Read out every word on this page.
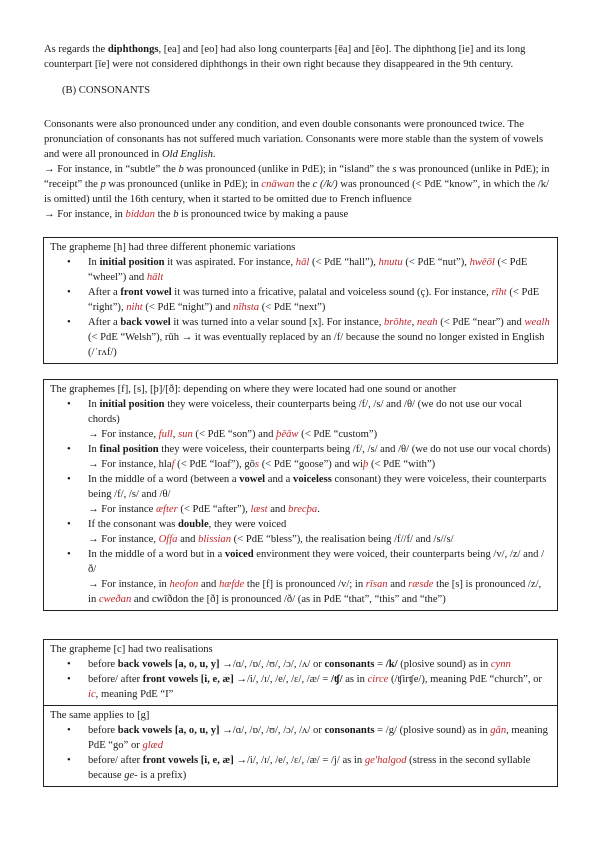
As regards the diphthongs, [ea] and [eo] had also long counterparts [ēa] and [ēo]. The diphthong [ie] and its long counterpart [īe] were not considered diphthongs in their own right because they disappeared in the 9th century.

(B) CONSONANTS

Consonants were also pronounced under any condition, and even double consonants were pronounced twice. The pronunciation of consonants has not suffered much variation. Consonants were more stable than the system of vowels and were all pronounced in Old English.

→ For instance, in “subtle” the b was pronounced (unlike in PdE); in “island” the s was pronounced (unlike in PdE); in “receipt” the p was pronounced (unlike in PdE); in cnāwan the c (/k/) was pronounced (< PdE “know”, in which the /k/ is omitted) until the 16th century, when it started to be omitted due to French influence

→ For instance, in biddan the b is pronounced twice by making a pause

The grapheme [h] had three different phonemic variations

• In initial position it was aspirated. For instance, hāl (< PdE “hall”), hnutu (< PdE “nut”), hwēōl (< PdE “wheel”) and hālt
• After a front vowel it was turned into a fricative, palatal and voiceless sound (ç). For instance, rīht (< PdE “right”), niht (< PdE “night”) and nīhsta (< PdE “next”)
• After a back vowel it was turned into a velar sound [x]. For instance, brōhte, neah (< PdE “near”) and wealh (< PdE “Welsh”), rūh → it was eventually replaced by an /f/ because the sound no longer existed in English (/ˈrʌf/)

The graphemes [f], [s], [þ]/[ð]: depending on where they were located had one sound or another

• In initial position they were voiceless, their counterparts being /f/, /s/ and /θ/ (we do not use our vocal chords)
→ For instance, full, sun (< PdE “son”) and þēāw (< PdE “custom”)
• In final position they were voiceless, their counterparts being /f/, /s/ and /θ/ (we do not use our vocal chords)
→ For instance, hlaf (< PdE “loaf”), gōs (< PdE “goose”) and wiþ (< PdE “with”)
• In the middle of a word (between a vowel and a voiceless consonant) they were voiceless, their counterparts being /f/, /s/ and /θ/
→ For instance æfter (< PdE “after”), læst and brecþa.
• If the consonant was double, they were voiced
→ For instance, Offa and blissian (< PdE “bless”), the realisation being /f//f/ and /s//s/
• In the middle of a word but in a voiced environment they were voiced, their counterparts being /v/, /z/ and /ð/
→ For instance, in heofon and hæfde the [f] is pronounced /v/; in rīsan and ræsde the [s] is pronounced /z/, in cweðan and cwīðdon the [ð] is pronounced /ð/ (as in PdE “that”, “this” and “the”)

The grapheme [c] had two realisations

• before back vowels [a, o, u, y] →/ɑ/, /ɒ/, /ʊ/, /ɔ/, /ʌ/ or consonants = /k/ (plosive sound) as in cynn
• before/ after front vowels [i, e, æ] →/i/, /ɪ/, /e/, /ɛ/, /æ/ = /ʧ/ as in circe (/ʧirʧe/), meaning PdE “church”, or ic, meaning PdE “I”

The same applies to [g]

• before back vowels [a, o, u, y] →/ɑ/, /ɒ/, /ʊ/, /ɔ/, /ʌ/ or consonants = /g/ (plosive sound) as in gān, meaning PdE “go” or glæd
• before/ after front vowels [i, e, æ] →/i/, /ɪ/, /e/, /ɛ/, /æ/ = /j/ as in ge'halgod (stress in the second syllable because ge- is a prefix)
